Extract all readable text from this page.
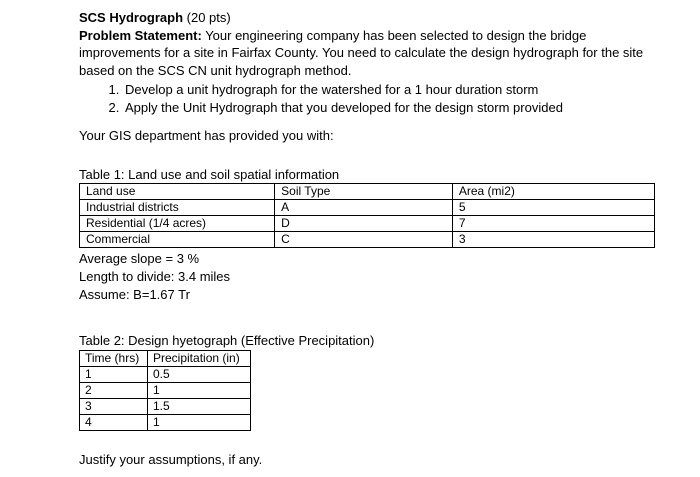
SCS Hydrograph (20 pts)

Problem Statement: Your engineering company has been selected to design the bridge improvements for a site in Fairfax County. You need to calculate the design hydrograph for the site based on the SCS CN unit hydrograph method.

1. Develop a unit hydrograph for the watershed for a 1 hour duration storm
2. Apply the Unit Hydrograph that you developed for the design storm provided

Your GIS department has provided you with:

Table 1: Land use and soil spatial information

Land use	Soil Type	Area (mi2)
Industrial districts	A	5
Residential (1/4 acres)	D	7
Commercial	C	3
Average slope = 3 %
Length to divide: 3.4 miles
Assume: B=1.67 Tr

Table 2: Design hyetograph (Effective Precipitation)

Time (hrs)	Precipitation (in)
1	0.5
2	1
3	1.5
4	1

Justify your assumptions, if any.
